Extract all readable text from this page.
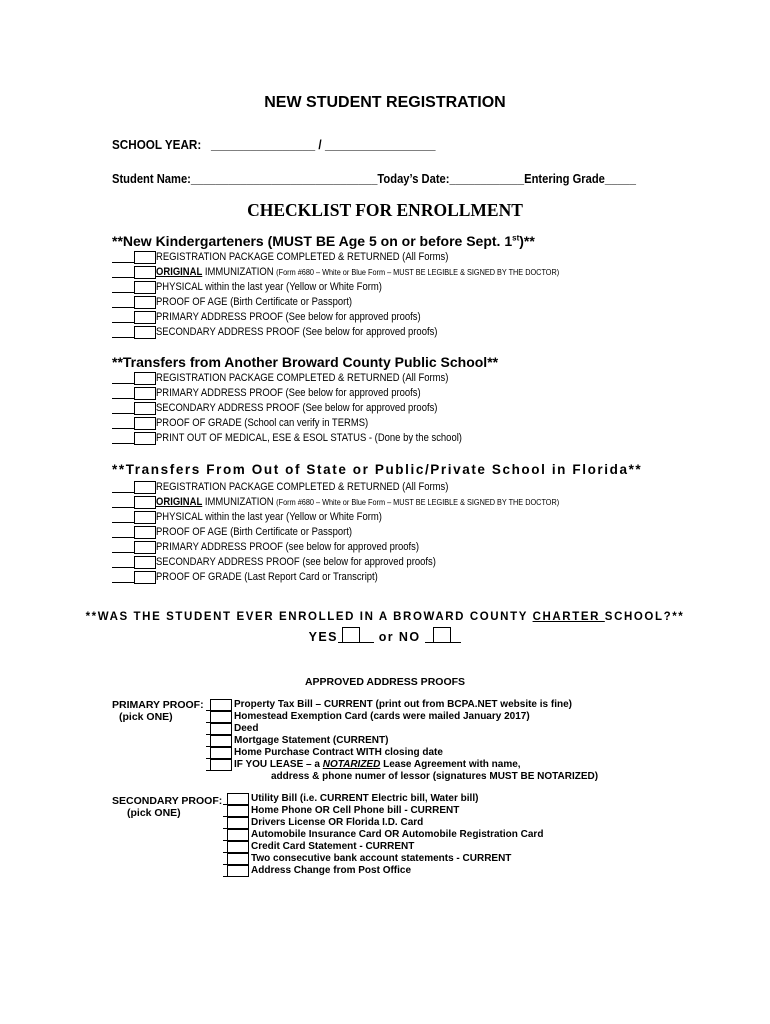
NEW STUDENT REGISTRATION
SCHOOL YEAR: ________________ / _________________
Student Name:______________________________Today’s Date:____________Entering Grade_____
CHECKLIST FOR ENROLLMENT
**New Kindergarteners (MUST BE Age 5 on or before Sept. 1st)**
REGISTRATION PACKAGE COMPLETED & RETURNED (All Forms)
ORIGINAL IMMUNIZATION (Form #680 – White or Blue Form – MUST BE LEGIBLE & SIGNED BY THE DOCTOR)
PHYSICAL within the last year (Yellow or White Form)
PROOF OF AGE (Birth Certificate or Passport)
PRIMARY ADDRESS PROOF (See below for approved proofs)
SECONDARY ADDRESS PROOF (See below for approved proofs)
**Transfers from Another Broward County Public School**
REGISTRATION PACKAGE COMPLETED & RETURNED (All Forms)
PRIMARY ADDRESS PROOF (See below for approved proofs)
SECONDARY ADDRESS PROOF (See below for approved proofs)
PROOF OF GRADE (School can verify in TERMS)
PRINT OUT OF MEDICAL, ESE & ESOL STATUS - (Done by the school)
**Transfers From Out of State or Public/Private School in Florida**
REGISTRATION PACKAGE COMPLETED & RETURNED (All Forms)
ORIGINAL IMMUNIZATION (Form #680 – White or Blue Form – MUST BE LEGIBLE & SIGNED BY THE DOCTOR)
PHYSICAL within the last year (Yellow or White Form)
PROOF OF AGE (Birth Certificate or Passport)
PRIMARY ADDRESS PROOF (see below for approved proofs)
SECONDARY ADDRESS PROOF (see below for approved proofs)
PROOF OF GRADE (Last Report Card or Transcript)
**WAS THE STUDENT EVER ENROLLED IN A BROWARD COUNTY CHARTER SCHOOL?**
YES	or NO
APPROVED ADDRESS PROOFS
PRIMARY PROOF:
(pick ONE)
Property Tax Bill – CURRENT (print out from BCPA.NET website is fine)
Homestead Exemption Card (cards were mailed January 2017)
Deed
Mortgage Statement (CURRENT)
Home Purchase Contract WITH closing date
IF YOU LEASE – a NOTARIZED Lease Agreement with name,
address & phone numer of lessor (signatures MUST BE NOTARIZED)
SECONDARY PROOF:
(pick ONE)
Utility Bill (i.e. CURRENT Electric bill, Water bill)
Home Phone OR Cell Phone bill - CURRENT
Drivers License OR Florida I.D. Card
Automobile Insurance Card OR Automobile Registration Card
Credit Card Statement - CURRENT
Two consecutive bank account statements - CURRENT
Address Change from Post Office
